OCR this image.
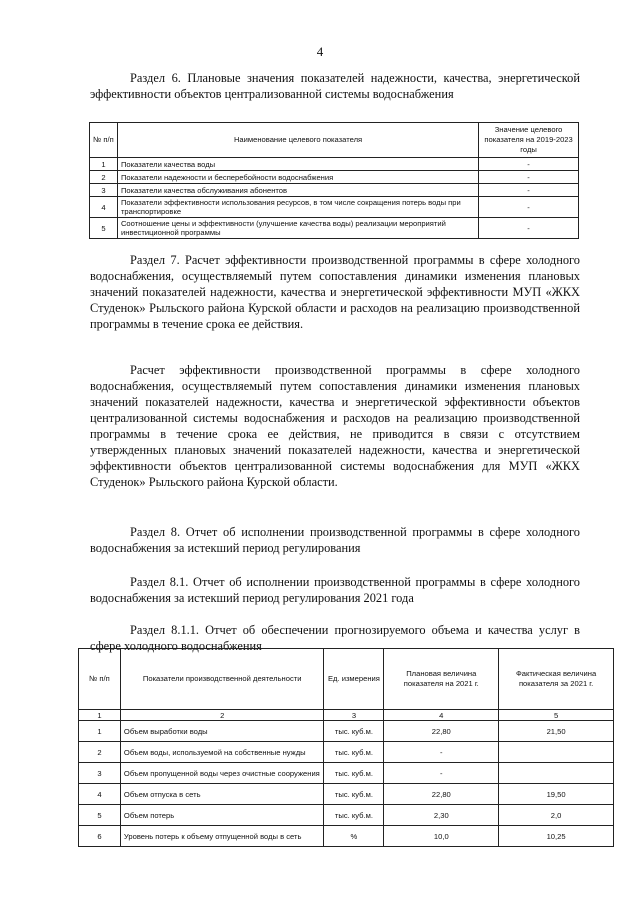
4

Раздел 6. Плановые значения показателей надежности, качества, энергетической эффективности объектов централизованной системы водоснабжения

№ п/п	Наименование целевого показателя	Значение целевого показателя на 2019-2023 годы
1	Показатели качества воды	-
2	Показатели надежности и бесперебойности водоснабжения	-
3	Показатели качества обслуживания абонентов	-
4	Показатели эффективности использования ресурсов, в том числе сокращения потерь воды при транспортировке	-
5	Соотношение цены и эффективности (улучшение качества воды) реализации мероприятий инвестиционной программы	-

Раздел 7. Расчет эффективности производственной программы в сфере холодного водоснабжения, осуществляемый путем сопоставления динамики изменения плановых значений показателей надежности, качества и энергетической эффективности МУП «ЖКХ Студенок» Рыльского района Курской области и расходов на реализацию производственной программы в течение срока ее действия.

Расчет эффективности производственной программы в сфере холодного водоснабжения, осуществляемый путем сопоставления динамики изменения плановых значений показателей надежности, качества и энергетической эффективности объектов централизованной системы водоснабжения и расходов на реализацию производственной программы в течение срока ее действия, не приводится в связи с отсутствием утвержденных плановых значений показателей надежности, качества и энергетической эффективности объектов централизованной системы водоснабжения для МУП «ЖКХ Студенок» Рыльского района Курской области.

Раздел 8. Отчет об исполнении производственной программы в сфере холодного водоснабжения за истекший период регулирования

Раздел 8.1. Отчет об исполнении производственной программы в сфере холодного водоснабжения за истекший период регулирования 2021 года

Раздел 8.1.1. Отчет об обеспечении прогнозируемого объема и качества услуг в сфере холодного водоснабжения

№ п/п	Показатели производственной деятельности	Ед. измерения	Плановая величина показателя на 2021 г.	Фактическая величина показателя за 2021 г.
1	2	3	4	5
1	Объем выработки воды	тыс. куб.м.	22,80	21,50
2	Объем воды, используемой на собственные нужды	тыс. куб.м.	-	
3	Объем пропущенной воды через очистные сооружения	тыс. куб.м.	-	
4	Объем отпуска в сеть	тыс. куб.м.	22,80	19,50
5	Объем потерь	тыс. куб.м.	2,30	2,0
6	Уровень потерь к объему отпущенной воды в сеть	%	10,0	10,25
